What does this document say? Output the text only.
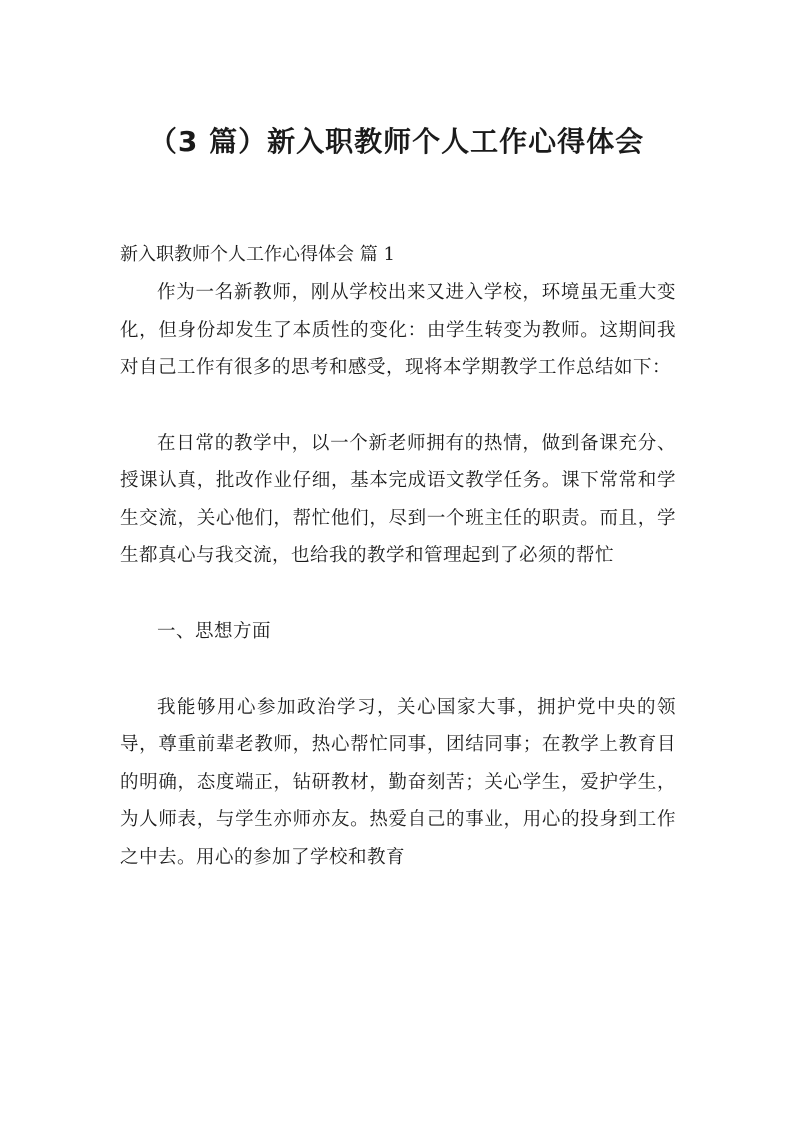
（3 篇）新入职教师个人工作心得体会

新入职教师个人工作心得体会 篇 1

作为一名新教师，刚从学校出来又进入学校，环境虽无重大变化，但身份却发生了本质性的变化：由学生转变为教师。这期间我对自己工作有很多的思考和感受，现将本学期教学工作总结如下：

在日常的教学中，以一个新老师拥有的热情，做到备课充分、授课认真，批改作业仔细，基本完成语文教学任务。课下常常和学生交流，关心他们，帮忙他们，尽到一个班主任的职责。而且，学生都真心与我交流，也给我的教学和管理起到了必须的帮忙

一、思想方面

我能够用心参加政治学习，关心国家大事，拥护党中央的领导，尊重前辈老教师，热心帮忙同事，团结同事；在教学上教育目的明确，态度端正，钻研教材，勤奋刻苦；关心学生，爱护学生，为人师表，与学生亦师亦友。热爱自己的事业，用心的投身到工作之中去。用心的参加了学校和教育
